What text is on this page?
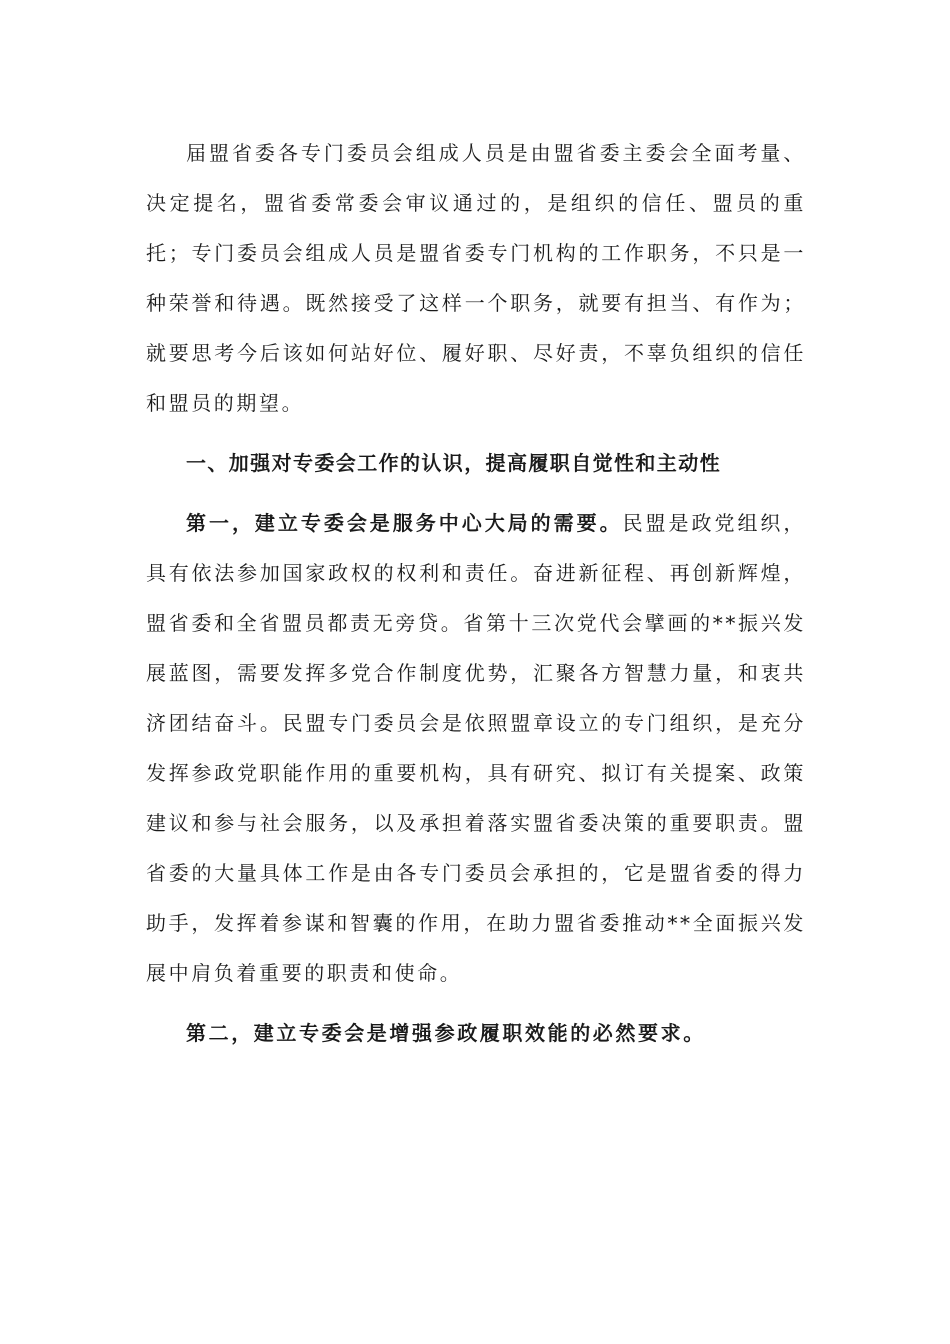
届盟省委各专门委员会组成人员是由盟省委主委会全面考量、决定提名，盟省委常委会审议通过的，是组织的信任、盟员的重托；专门委员会组成人员是盟省委专门机构的工作职务，不只是一种荣誉和待遇。既然接受了这样一个职务，就要有担当、有作为；就要思考今后该如何站好位、履好职、尽好责，不辜负组织的信任和盟员的期望。

一、加强对专委会工作的认识，提高履职自觉性和主动性

第一，建立专委会是服务中心大局的需要。民盟是政党组织，具有依法参加国家政权的权利和责任。奋进新征程、再创新辉煌，盟省委和全省盟员都责无旁贷。省第十三次党代会擘画的**振兴发展蓝图，需要发挥多党合作制度优势，汇聚各方智慧力量，和衷共济团结奋斗。民盟专门委员会是依照盟章设立的专门组织，是充分发挥参政党职能作用的重要机构，具有研究、拟订有关提案、政策建议和参与社会服务，以及承担着落实盟省委决策的重要职责。盟省委的大量具体工作是由各专门委员会承担的，它是盟省委的得力助手，发挥着参谋和智囊的作用，在助力盟省委推动**全面振兴发展中肩负着重要的职责和使命。

第二，建立专委会是增强参政履职效能的必然要求。
